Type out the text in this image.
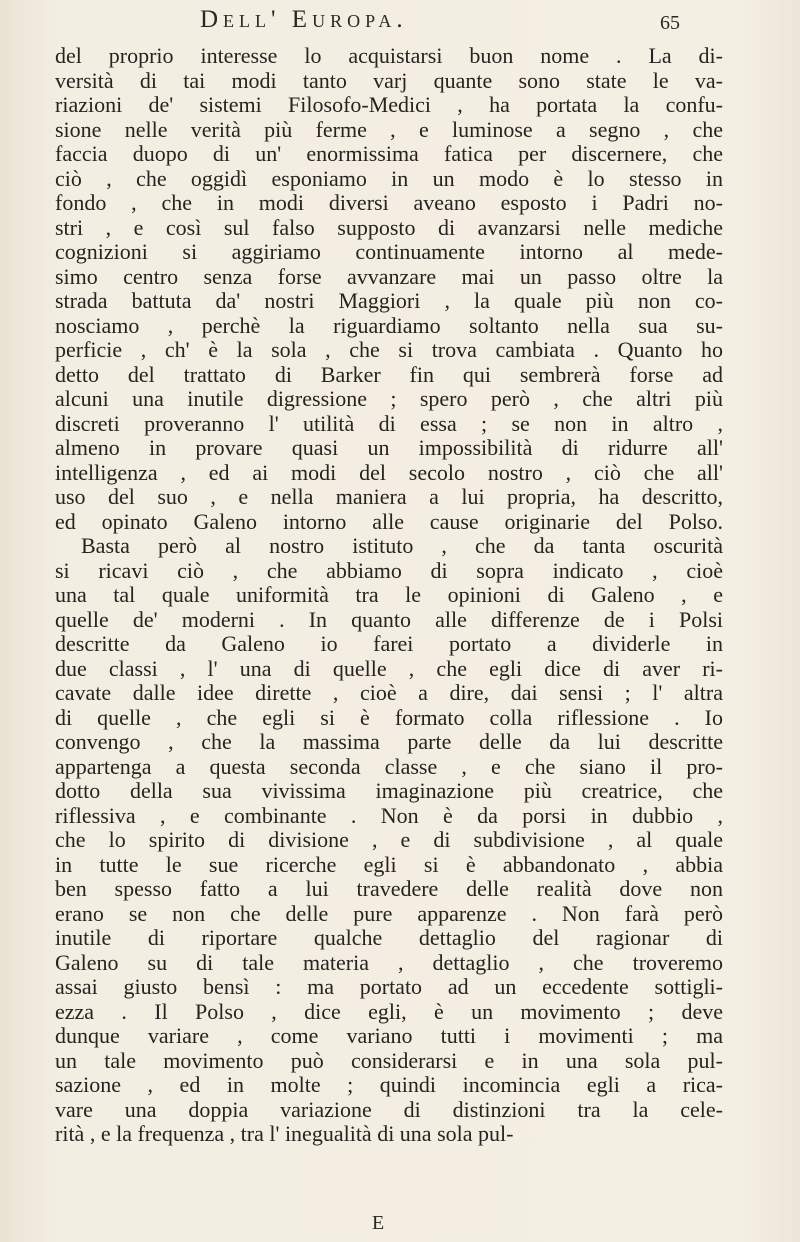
Dell' Europa.	65
del proprio interesse lo acquistarsi buon nome . La di-
versità di tai modi tanto varj quante sono state le va-
riazioni de' sistemi Filosofo-Medici , ha portata la confu-
sione nelle verità più ferme , e luminose a segno , che
faccia duopo di un' enormissima fatica per discernere, che
ciò , che oggidì esponiamo in un modo è lo stesso in
fondo , che in modi diversi aveano esposto i Padri no-
stri , e così sul falso supposto di avanzarsi nelle mediche
cognizioni si aggiriamo continuamente intorno al mede-
simo centro senza forse avvanzare mai un passo oltre la
strada battuta da' nostri Maggiori , la quale più non co-
nosciamo , perchè la riguardiamo soltanto nella sua su-
perficie , ch' è la sola , che si trova cambiata . Quanto ho
detto del trattato di Barker fin qui sembrerà forse ad
alcuni una inutile digressione ; spero però , che altri più
discreti proveranno l' utilità di essa ; se non in altro ,
almeno in provare quasi un impossibilità di ridurre all'
intelligenza , ed ai modi del secolo nostro , ciò che all'
uso del suo , e nella maniera a lui propria, ha descritto,
ed opinato Galeno intorno alle cause originarie del Polso.
Basta però al nostro istituto , che da tanta oscurità
si ricavi ciò , che abbiamo di sopra indicato , cioè
una tal quale uniformità tra le opinioni di Galeno , e
quelle de' moderni . In quanto alle differenze de i Polsi
descritte da Galeno io farei portato a dividerle in
due classi , l' una di quelle , che egli dice di aver ri-
cavate dalle idee dirette , cioè a dire, dai sensi ; l' altra
di quelle , che egli si è formato colla riflessione . Io
convengo , che la massima parte delle da lui descritte
appartenga a questa seconda classe , e che siano il pro-
dotto della sua vivissima imaginazione più creatrice, che
riflessiva , e combinante . Non è da porsi in dubbio ,
che lo spirito di divisione , e di subdivisione , al quale
in tutte le sue ricerche egli si è abbandonato , abbia
ben spesso fatto a lui travedere delle realità dove non
erano se non che delle pure apparenze . Non farà però
inutile di riportare qualche dettaglio del ragionar di
Galeno su di tale materia , dettaglio , che troveremo
assai giusto bensì : ma portato ad un eccedente sottigli-
ezza . Il Polso , dice egli, è un movimento ; deve
dunque variare , come variano tutti i movimenti ; ma
un tale movimento può considerarsi e in una sola pul-
sazione , ed in molte ; quindi incomincia egli a rica-
vare una doppia variazione di distinzioni tra la cele-
rità , e la frequenza , tra l' inegualità di una sola pul-
E
